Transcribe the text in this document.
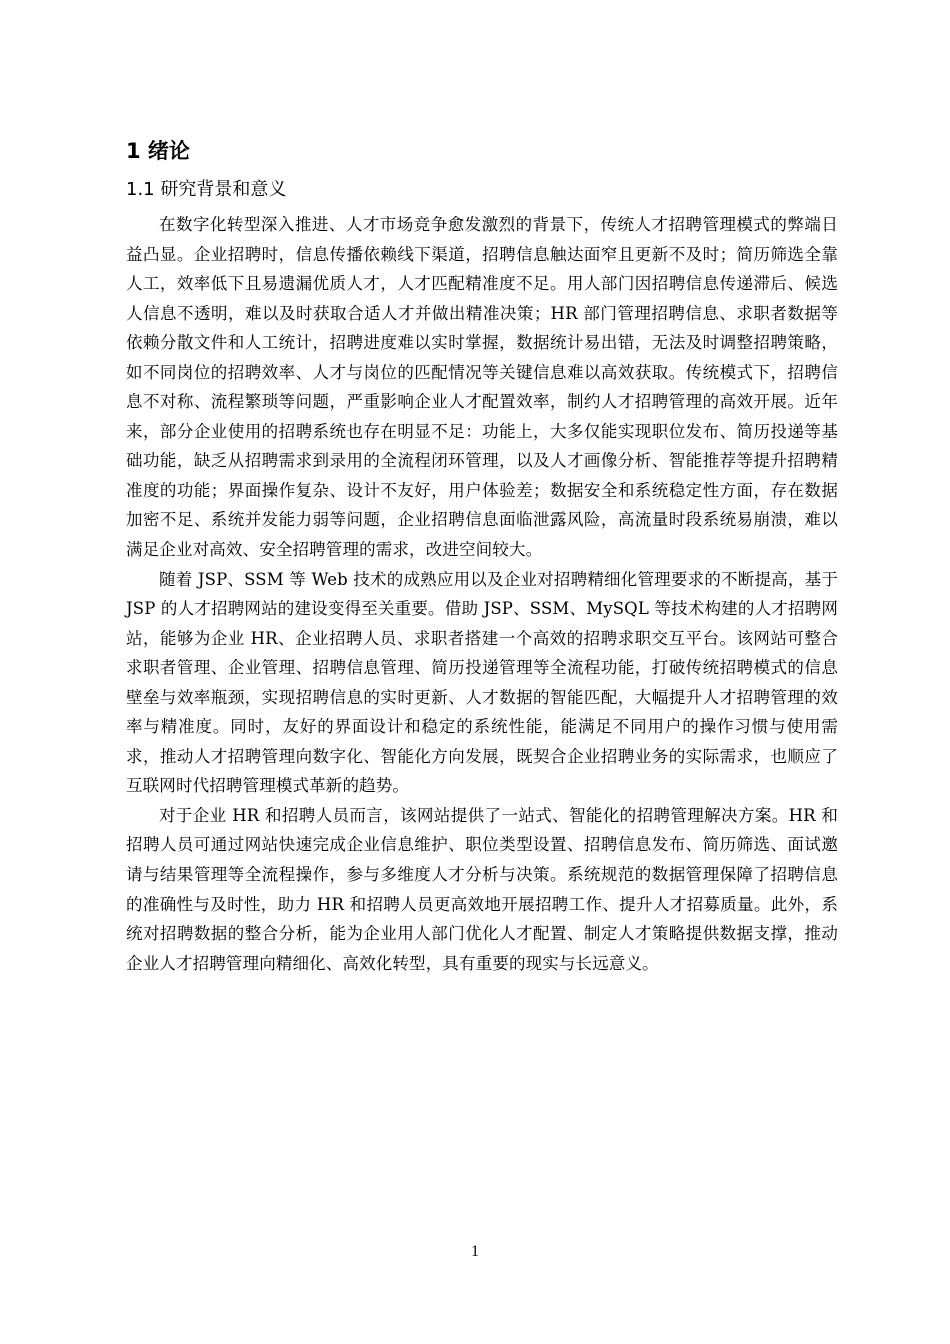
1 绪论
1.1 研究背景和意义

在数字化转型深入推进、人才市场竞争愈发激烈的背景下，传统人才招聘管理模式的弊端日益凸显。企业招聘时，信息传播依赖线下渠道，招聘信息触达面窄且更新不及时；简历筛选全靠人工，效率低下且易遗漏优质人才，人才匹配精准度不足。用人部门因招聘信息传递滞后、候选人信息不透明，难以及时获取合适人才并做出精准决策；HR 部门管理招聘信息、求职者数据等依赖分散文件和人工统计，招聘进度难以实时掌握，数据统计易出错，无法及时调整招聘策略，如不同岗位的招聘效率、人才与岗位的匹配情况等关键信息难以高效获取。传统模式下，招聘信息不对称、流程繁琐等问题，严重影响企业人才配置效率，制约人才招聘管理的高效开展。近年来，部分企业使用的招聘系统也存在明显不足：功能上，大多仅能实现职位发布、简历投递等基础功能，缺乏从招聘需求到录用的全流程闭环管理，以及人才画像分析、智能推荐等提升招聘精准度的功能；界面操作复杂、设计不友好，用户体验差；数据安全和系统稳定性方面，存在数据加密不足、系统并发能力弱等问题，企业招聘信息面临泄露风险，高流量时段系统易崩溃，难以满足企业对高效、安全招聘管理的需求，改进空间较大。

随着 JSP、SSM 等 Web 技术的成熟应用以及企业对招聘精细化管理要求的不断提高，基于 JSP 的人才招聘网站的建设变得至关重要。借助 JSP、SSM、MySQL 等技术构建的人才招聘网站，能够为企业 HR、企业招聘人员、求职者搭建一个高效的招聘求职交互平台。该网站可整合求职者管理、企业管理、招聘信息管理、简历投递管理等全流程功能，打破传统招聘模式的信息壁垒与效率瓶颈，实现招聘信息的实时更新、人才数据的智能匹配，大幅提升人才招聘管理的效率与精准度。同时，友好的界面设计和稳定的系统性能，能满足不同用户的操作习惯与使用需求，推动人才招聘管理向数字化、智能化方向发展，既契合企业招聘业务的实际需求，也顺应了互联网时代招聘管理模式革新的趋势。

对于企业 HR 和招聘人员而言，该网站提供了一站式、智能化的招聘管理解决方案。HR 和招聘人员可通过网站快速完成企业信息维护、职位类型设置、招聘信息发布、简历筛选、面试邀请与结果管理等全流程操作，参与多维度人才分析与决策。系统规范的数据管理保障了招聘信息的准确性与及时性，助力 HR 和招聘人员更高效地开展招聘工作、提升人才招募质量。此外，系统对招聘数据的整合分析，能为企业用人部门优化人才配置、制定人才策略提供数据支撑，推动企业人才招聘管理向精细化、高效化转型，具有重要的现实与长远意义。

1
